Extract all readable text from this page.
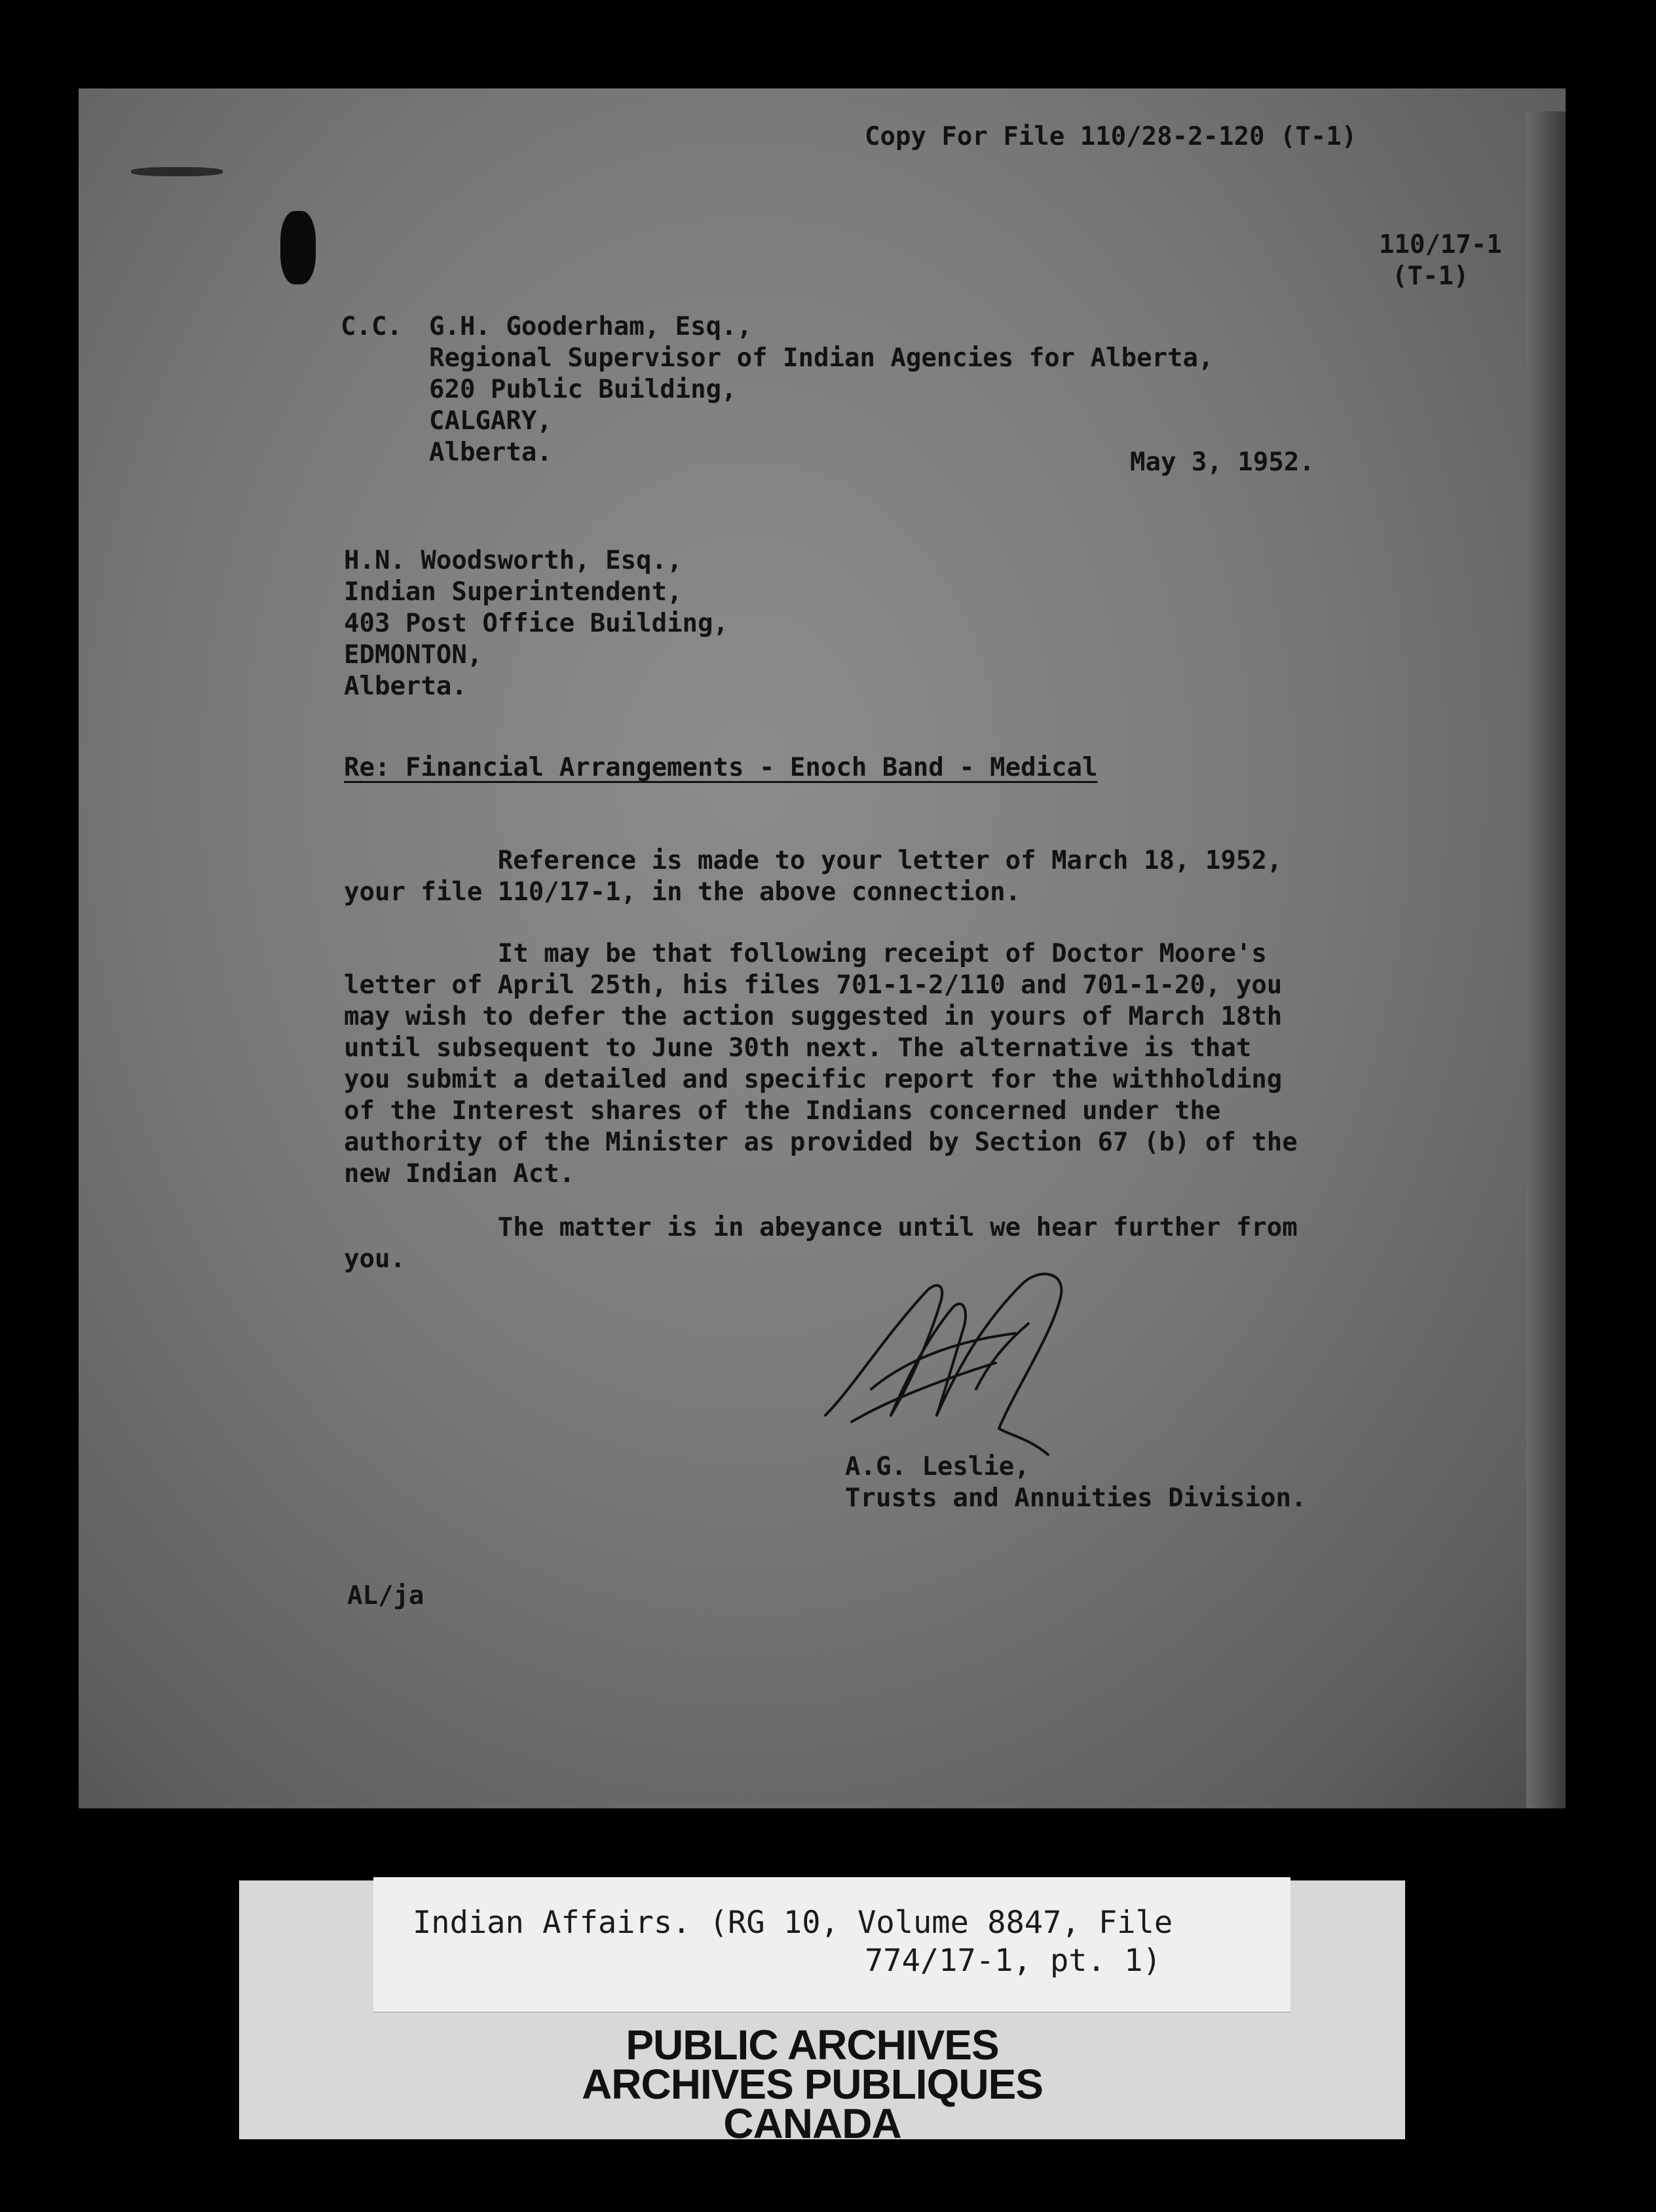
Copy For File 110/28-2-120 (T-1)

110/17-1

(T-1)

C.C. G.H. Gooderham, Esq.,

Regional Supervisor of Indian Agencies for Alberta,

620 Public Building,

CALGARY,

Alberta.	May 3, 1952.

H.N. Woodsworth, Esq.,

Indian Superintendent,

403 Post Office Building,

EDMONTON,

Alberta.

Re: Financial Arrangements - Enoch Band - Medical

Reference is made to your letter of March 18, 1952,
your file 110/17-1, in the above connection.

It may be that following receipt of Doctor Moore's
letter of April 25th, his files 701-1-2/110 and 701-1-20, you
may wish to defer the action suggested in yours of March 18th
until subsequent to June 30th next. The alternative is that
you submit a detailed and specific report for the withholding
of the Interest shares of the Indians concerned under the
authority of the Minister as provided by Section 67 (b) of the
new Indian Act.

The matter is in abeyance until we hear further from
you.

A.G. Leslie,

Trusts and Annuities Division.

AL/ja

Indian Affairs. (RG 10, Volume 8847, File

774/17-1, pt. 1)

PUBLIC ARCHIVES
ARCHIVES PUBLIQUES
CANADA
